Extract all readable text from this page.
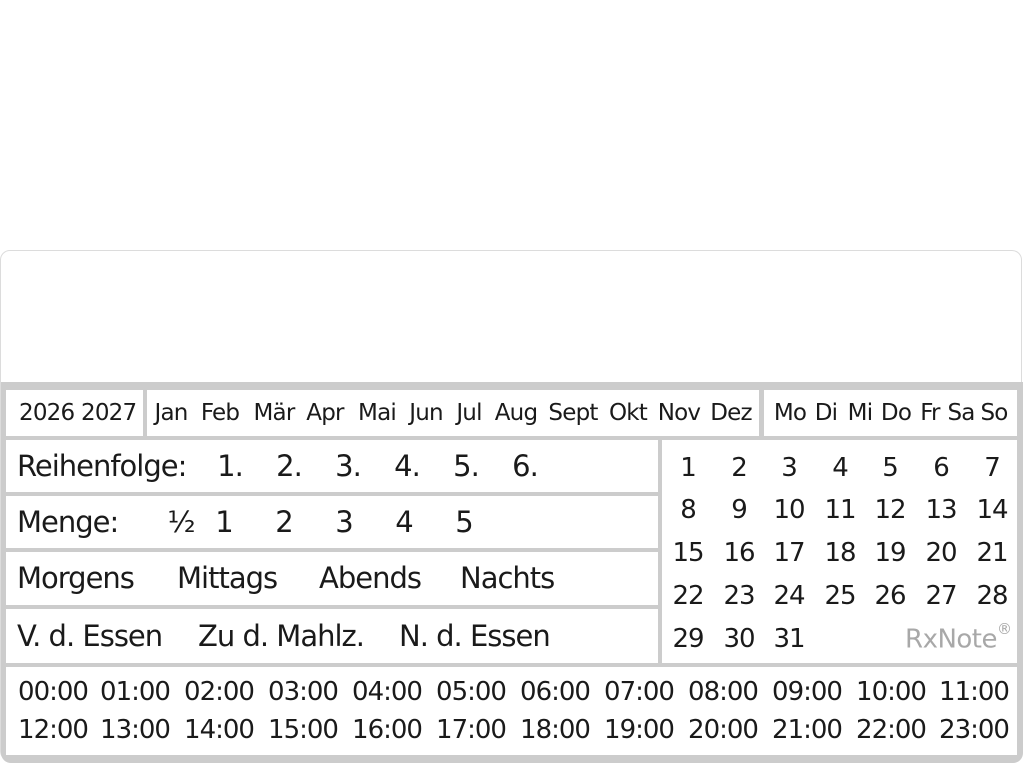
2026 2027 Jan Feb Mär Apr Mai Jun Jul Aug Sept Okt Nov Dez Mo Di Mi Do Fr Sa So
Reihenfolge: 1. 2. 3. 4. 5. 6.
Menge: ½ 1 2 3 4 5
Morgens Mittags Abends Nachts
V. d. Essen Zu d. Mahlz. N. d. Essen
1 2 3 4 5 6 7
8 9 10 11 12 13 14
15 16 17 18 19 20 21
22 23 24 25 26 27 28
29 30 31	RxNote®
00:00 01:00 02:00 03:00 04:00 05:00 06:00 07:00 08:00 09:00 10:00 11:00
12:00 13:00 14:00 15:00 16:00 17:00 18:00 19:00 20:00 21:00 22:00 23:00
